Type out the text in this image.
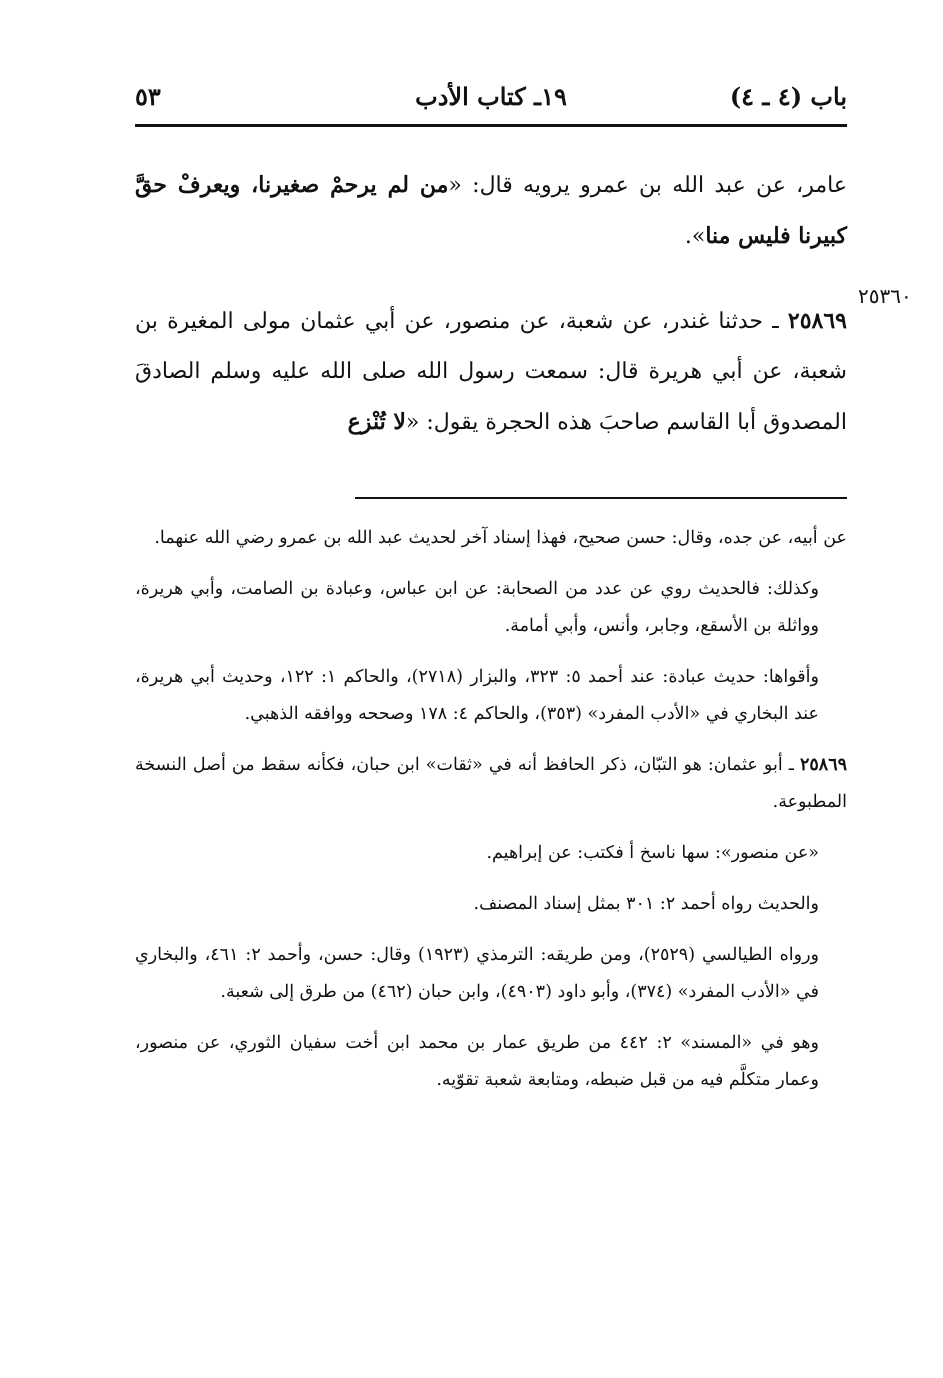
باب (٤ ـ ٤)
١٩ـ كتاب الأدب
٥٣

عامر، عن عبد الله بن عمرو يرويه قال: «من لم يرحمْ صغيرنا، ويعرفْ حقَّ كبيرنا فليس منا».

٢٥٨٦٩ ـ حدثنا غندر، عن شعبة، عن منصور، عن أبي عثمان مولى المغيرة بن شعبة، عن أبي هريرة قال: سمعت رسول الله صلى الله عليه وسلم الصادقَ المصدوق أبا القاسم صاحبَ هذه الحجرة يقول: «لا تُنْزع

٢٥٣٦٠

عن أبيه، عن جده، وقال: حسن صحيح، فهذا إسناد آخر لحديث عبد الله بن عمرو رضي الله عنهما.

وكذلك: فالحديث روي عن عدد من الصحابة: عن ابن عباس، وعبادة بن الصامت، وأبي هريرة، وواثلة بن الأسقع، وجابر، وأنس، وأبي أمامة.

وأقواها: حديث عبادة: عند أحمد ٥: ٣٢٣، والبزار (٢٧١٨)، والحاكم ١: ١٢٢، وحديث أبي هريرة، عند البخاري في «الأدب المفرد» (٣٥٣)، والحاكم ٤: ١٧٨ وصححه ووافقه الذهبي.

٢٥٨٦٩ ـ أبو عثمان: هو التبّان، ذكر الحافظ أنه في «ثقات» ابن حبان، فكأنه سقط من أصل النسخة المطبوعة.

«عن منصور»: سها ناسخ أ فكتب: عن إبراهيم.

والحديث رواه أحمد ٢: ٣٠١ بمثل إسناد المصنف.

ورواه الطيالسي (٢٥٢٩)، ومن طريقه: الترمذي (١٩٢٣) وقال: حسن، وأحمد ٢: ٤٦١، والبخاري في «الأدب المفرد» (٣٧٤)، وأبو داود (٤٩٠٣)، وابن حبان (٤٦٢) من طرق إلى شعبة.

وهو في «المسند» ٢: ٤٤٢ من طريق عمار بن محمد ابن أخت سفيان الثوري، عن منصور، وعمار متكلَّم فيه من قبل ضبطه، ومتابعة شعبة تقوّيه.
